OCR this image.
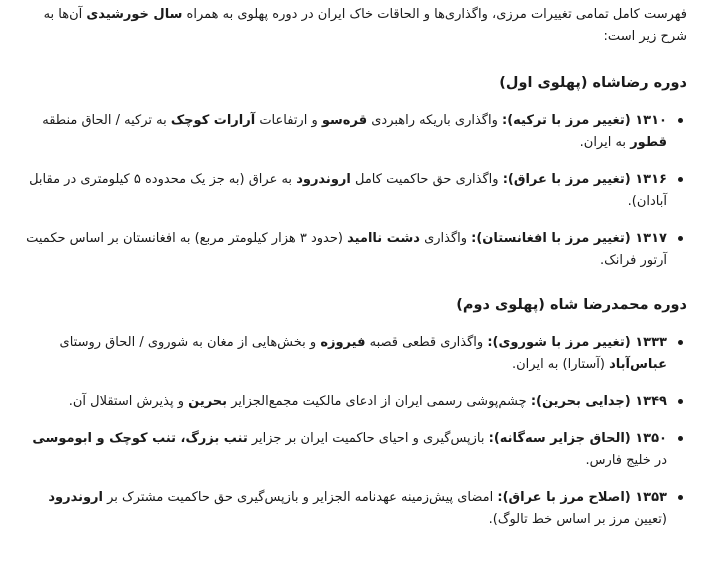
فهرست کامل تمامی تغییرات مرزی، واگذاری‌ها و الحاقات خاک ایران در دوره پهلوی به همراه سال خورشیدی آن‌ها به شرح زیر است:

دوره رضاشاه (پهلوی اول)
۱۳۱۰ (تغییر مرز با ترکیه): واگذاری باریکه راهبردی قره‌سو و ارتفاعات آرارات کوچک به ترکیه / الحاق منطقه قطور به ایران.
۱۳۱۶ (تغییر مرز با عراق): واگذاری حق حاکمیت کامل اروندرود به عراق (به جز یک محدوده ۵ کیلومتری در مقابل آبادان).
۱۳۱۷ (تغییر مرز با افغانستان): واگذاری دشت ناامید (حدود ۳ هزار کیلومتر مربع) به افغانستان بر اساس حکمیت آرتور فرانک.
دوره محمدرضا شاه (پهلوی دوم)
۱۳۳۳ (تغییر مرز با شوروی): واگذاری قطعی قصبه فیروزه و بخش‌هایی از مغان به شوروی / الحاق روستای عباس‌آباد (آستارا) به ایران.
۱۳۴۹ (جدایی بحرین): چشم‌پوشی رسمی ایران از ادعای مالکیت مجمع‌الجزایر بحرین و پذیرش استقلال آن.
۱۳۵۰ (الحاق جزایر سه‌گانه): بازپس‌گیری و احیای حاکمیت ایران بر جزایر تنب بزرگ، تنب کوچک و ابوموسی در خلیج فارس.
۱۳۵۳ (اصلاح مرز با عراق): امضای پیش‌زمینه عهدنامه الجزایر و بازپس‌گیری حق حاکمیت مشترک بر اروندرود (تعیین مرز بر اساس خط تالوگ).
